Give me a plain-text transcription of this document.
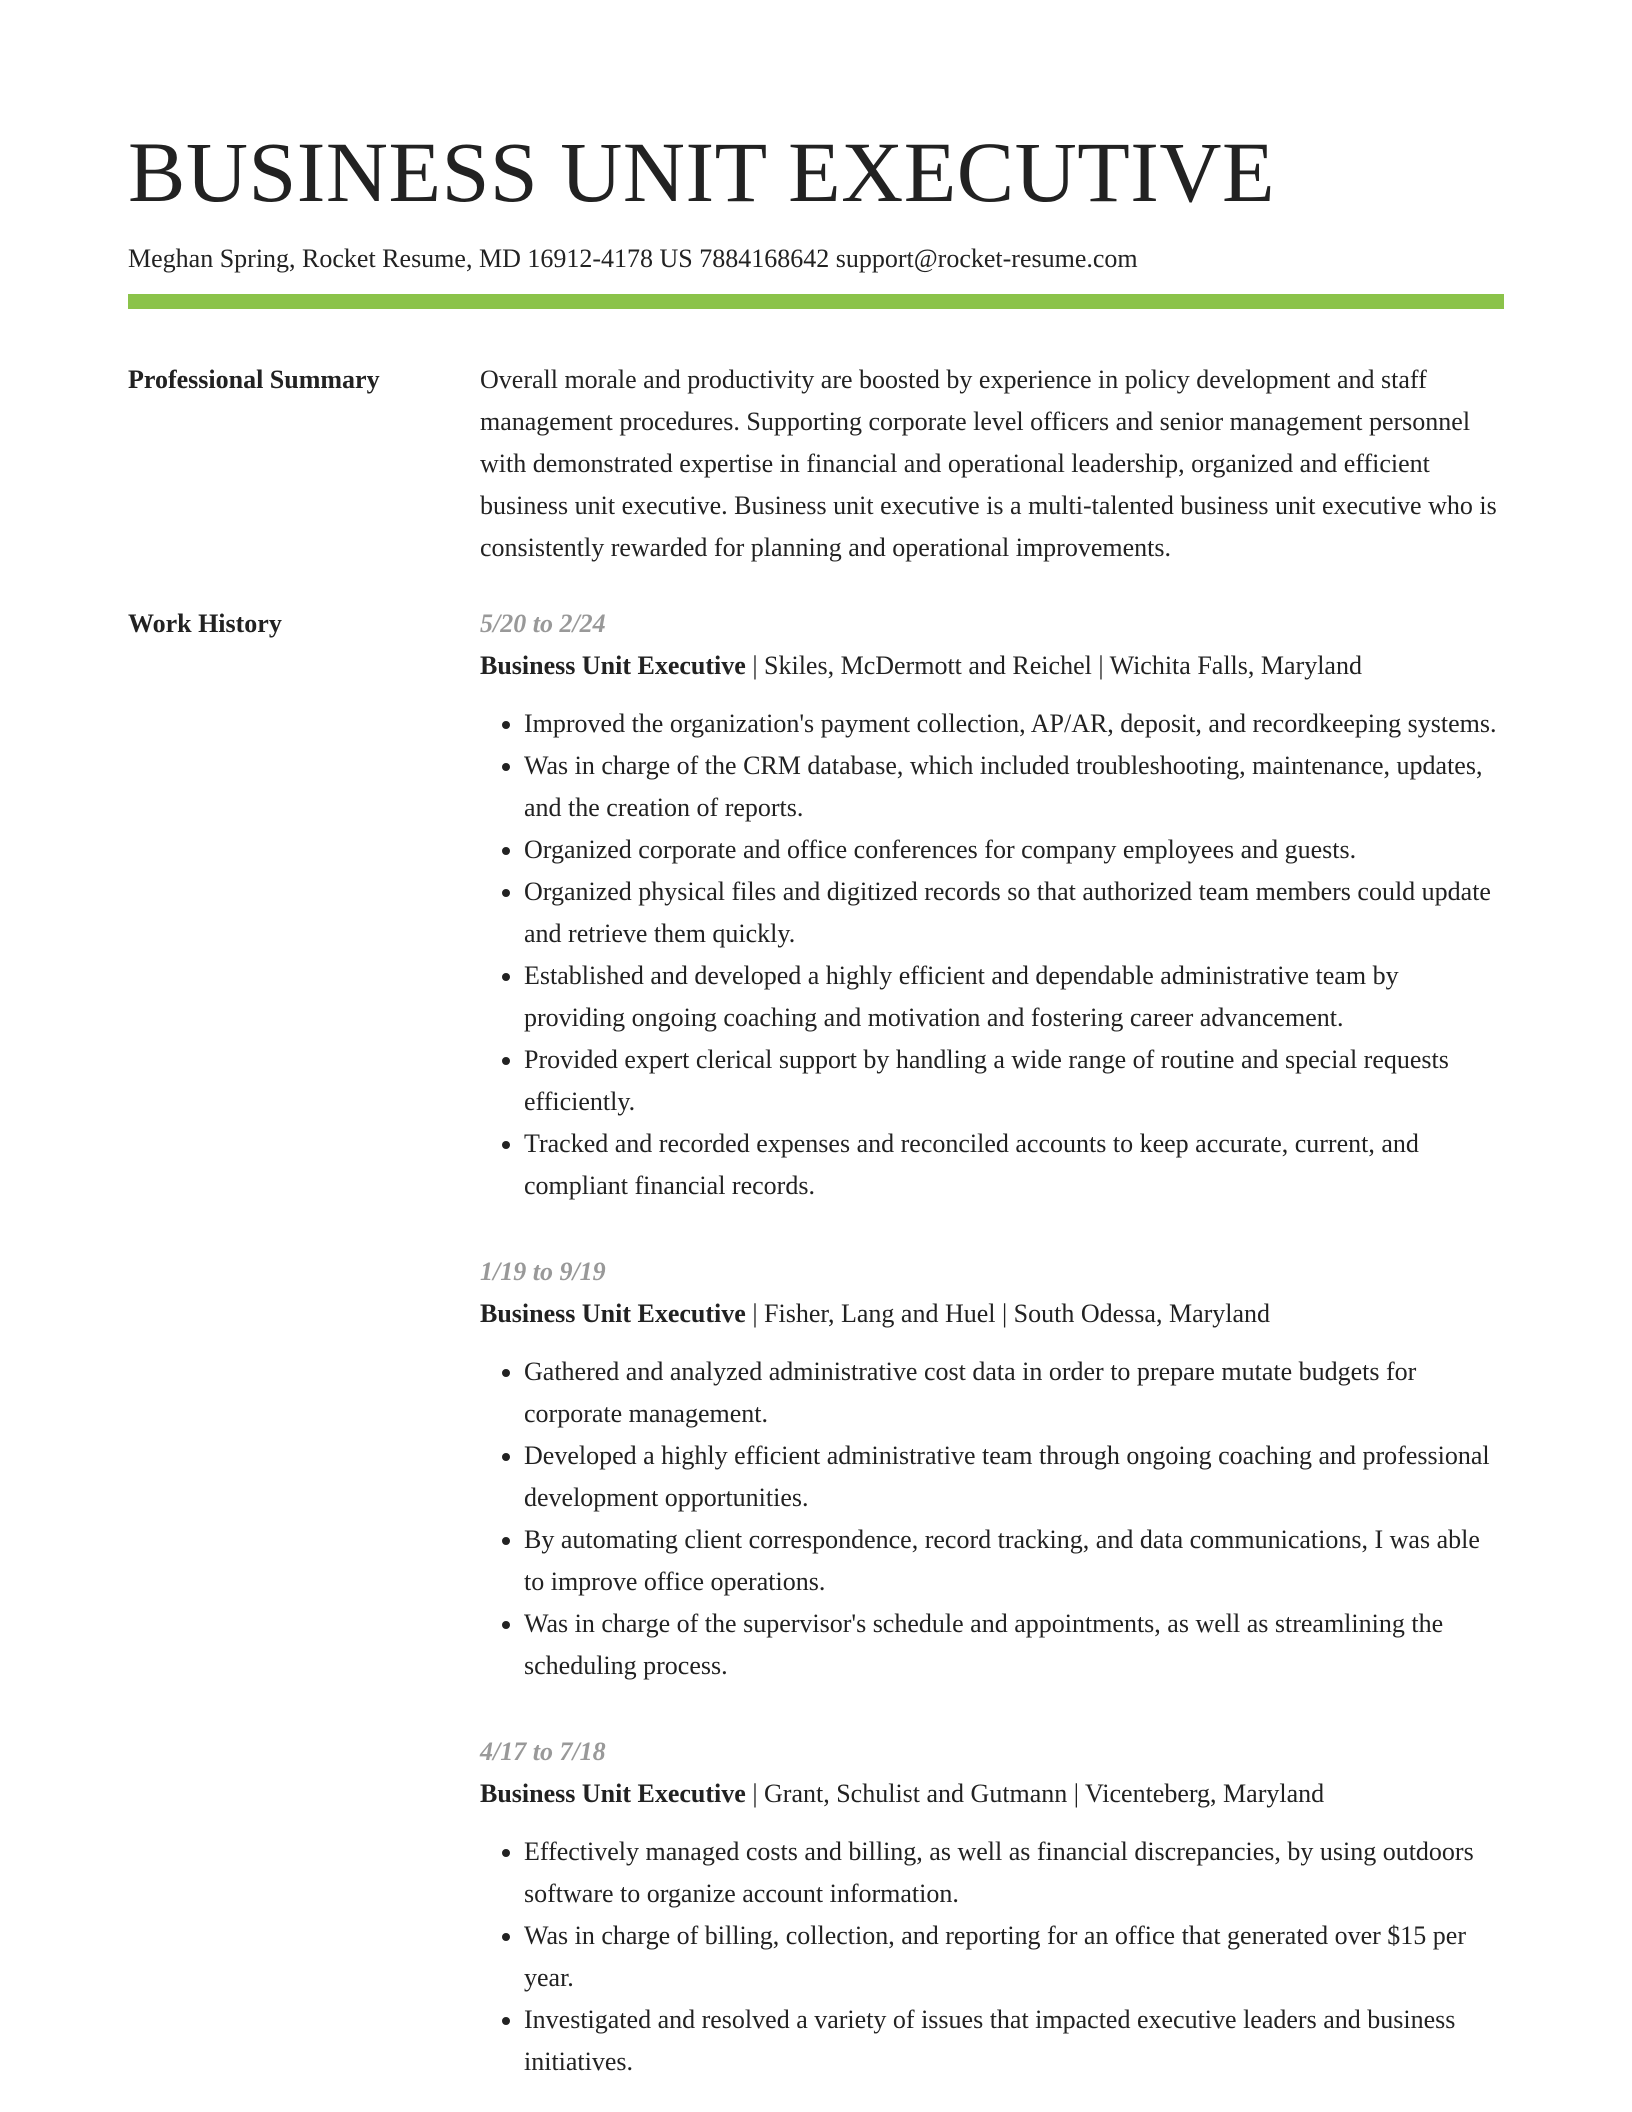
BUSINESS UNIT EXECUTIVE
Meghan Spring, Rocket Resume, MD 16912-4178 US 7884168642 support@rocket-resume.com
Professional Summary	Overall morale and productivity are boosted by experience in policy development and staff management procedures. Supporting corporate level officers and senior management personnel with demonstrated expertise in financial and operational leadership, organized and efficient business unit executive. Business unit executive is a multi-talented business unit executive who is consistently rewarded for planning and operational improvements.

Work History	5/20 to 2/24
Business Unit Executive | Skiles, McDermott and Reichel | Wichita Falls, Maryland
• Improved the organization's payment collection, AP/AR, deposit, and recordkeeping systems.
• Was in charge of the CRM database, which included troubleshooting, maintenance, updates, and the creation of reports.
• Organized corporate and office conferences for company employees and guests.
• Organized physical files and digitized records so that authorized team members could update and retrieve them quickly.
• Established and developed a highly efficient and dependable administrative team by providing ongoing coaching and motivation and fostering career advancement.
• Provided expert clerical support by handling a wide range of routine and special requests efficiently.
• Tracked and recorded expenses and reconciled accounts to keep accurate, current, and compliant financial records.
1/19 to 9/19
Business Unit Executive | Fisher, Lang and Huel | South Odessa, Maryland
• Gathered and analyzed administrative cost data in order to prepare mutate budgets for corporate management.
• Developed a highly efficient administrative team through ongoing coaching and professional development opportunities.
• By automating client correspondence, record tracking, and data communications, I was able to improve office operations.
• Was in charge of the supervisor's schedule and appointments, as well as streamlining the scheduling process.
4/17 to 7/18
Business Unit Executive | Grant, Schulist and Gutmann | Vicenteberg, Maryland
• Effectively managed costs and billing, as well as financial discrepancies, by using outdoors software to organize account information.
• Was in charge of billing, collection, and reporting for an office that generated over $15 per year.
• Investigated and resolved a variety of issues that impacted executive leaders and business initiatives.
